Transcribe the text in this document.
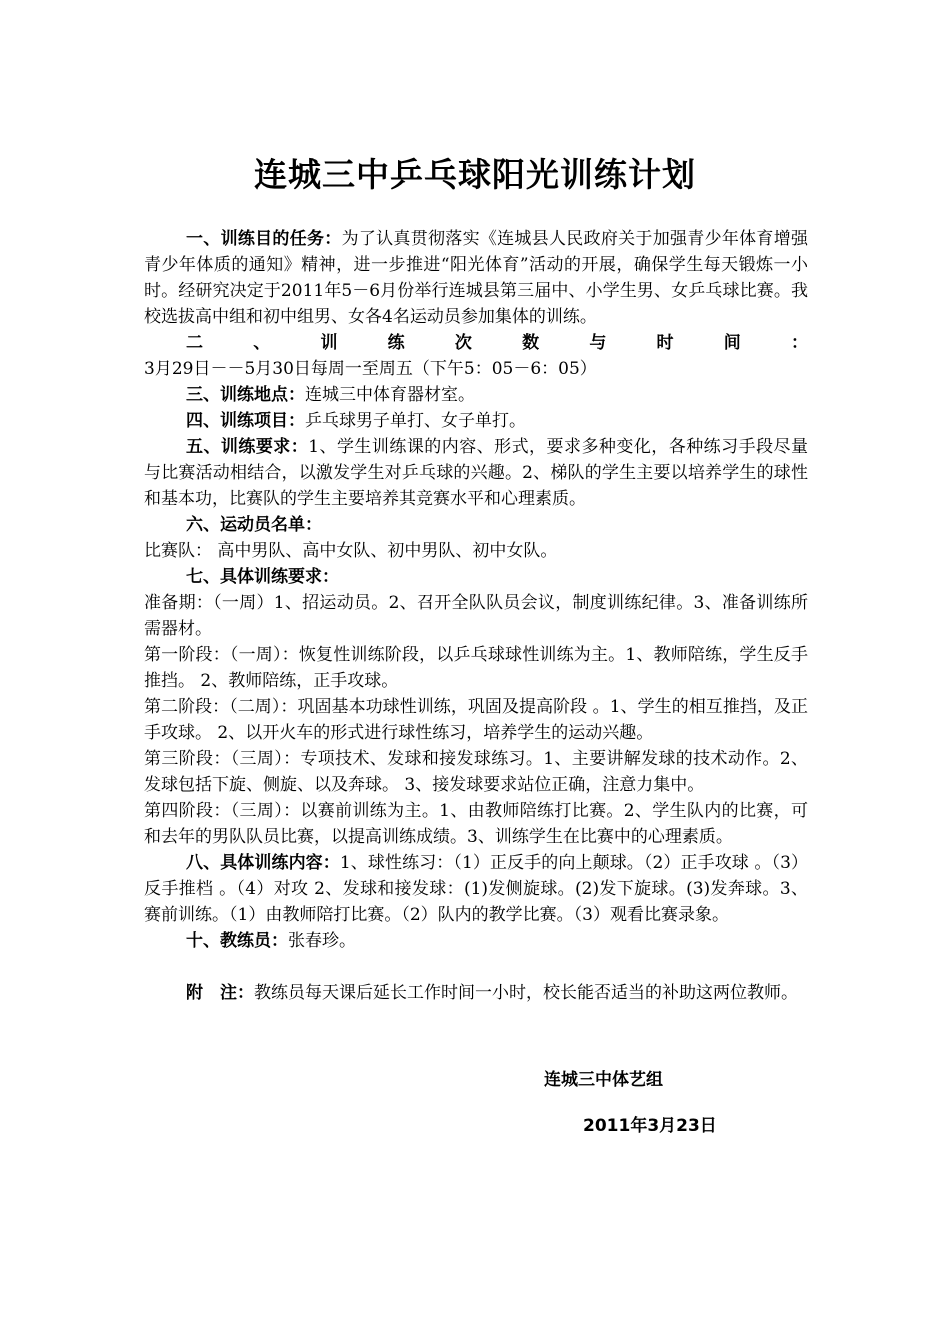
连城三中乒乓球阳光训练计划

一、训练目的任务：为了认真贯彻落实《连城县人民政府关于加强青少年体育增强青少年体质的通知》精神，进一步推进“阳光体育”活动的开展，确保学生每天锻炼一小时。经研究决定于2011年5－6月份举行连城县第三届中、小学生男、女乒乓球比赛。我校选拔高中组和初中组男、女各4名运动员参加集体的训练。

二、训练次数与时间：3月29日－－5月30日每周一至周五（下午5：05－6：05）

三、训练地点：连城三中体育器材室。

四、训练项目：乒乓球男子单打、女子单打。

五、训练要求：1、学生训练课的内容、形式，要求多种变化，各种练习手段尽量与比赛活动相结合，以激发学生对乒乓球的兴趣。2、梯队的学生主要以培养学生的球性和基本功，比赛队的学生主要培养其竞赛水平和心理素质。

六、运动员名单：

比赛队： 高中男队、高中女队、初中男队、初中女队。

七、具体训练要求：

准备期：（一周）1、招运动员。2、召开全队队员会议，制度训练纪律。3、准备训练所需器材。

第一阶段：（一周）：恢复性训练阶段，以乒乓球球性训练为主。1、教师陪练，学生反手推挡。 2、教师陪练，正手攻球。

第二阶段：（二周）：巩固基本功球性训练，巩固及提高阶段 。1、学生的相互推挡，及正手攻球。 2、以开火车的形式进行球性练习，培养学生的运动兴趣。

第三阶段：（三周）：专项技术、发球和接发球练习。1、主要讲解发球的技术动作。2、发球包括下旋、侧旋、以及奔球。 3、接发球要求站位正确，注意力集中。

第四阶段：（三周）：以赛前训练为主。1、由教师陪练打比赛。2、学生队内的比赛，可和去年的男队队员比赛，以提高训练成绩。3、训练学生在比赛中的心理素质。

八、具体训练内容：1、球性练习：（1）正反手的向上颠球。（2）正手攻球 。（3）反手推档 。（4）对攻 2、发球和接发球：(1)发侧旋球。(2)发下旋球。(3)发奔球。3、赛前训练。（1）由教师陪打比赛。（2）队内的教学比赛。（3）观看比赛录象。

十、教练员：张春珍。

附　注：教练员每天课后延长工作时间一小时，校长能否适当的补助这两位教师。

连城三中体艺组
2011年3月23日
